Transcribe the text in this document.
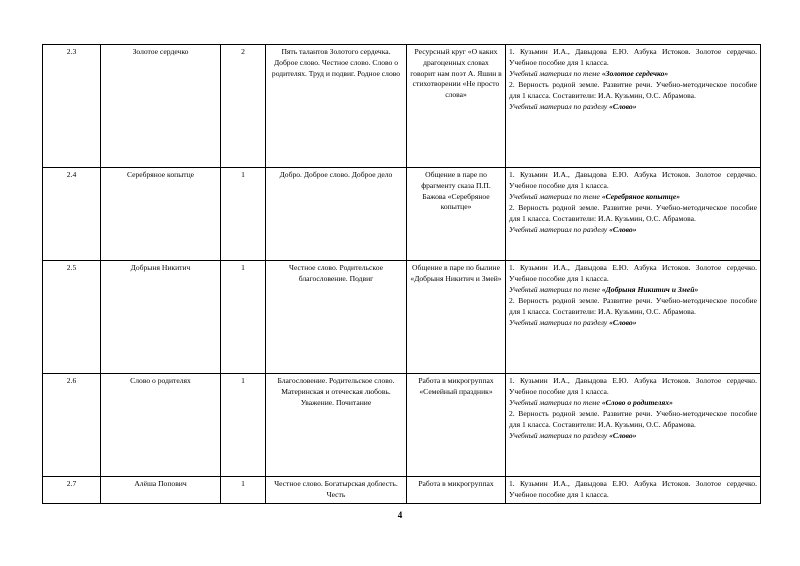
2.3	Золотое сердечко	2	Пять талантов Золотого сердечка. Доброе слово. Честное слово. Слово о родителях. Труд и подвиг. Родное слово	Ресурсный круг «О каких драгоценных словах говорит нам поэт А. Яшин в стихотворении «Не просто слова»	1. Кузьмин И.А., Давыдова Е.Ю. Азбука Истоков. Золотое сердечко. Учебное пособие для 1 класса.

Учебный материал по теме «Золотое сердечко»

2. Верность родной земле. Развитие речи. Учебно-методическое пособие для 1 класса. Составители: И.А. Кузьмин, О.С. Абрамова.

Учебный материал по разделу «Слово»

2.4	Серебряное копытце	1	Добро. Доброе слово. Доброе дело	Общение в паре по фрагменту сказа П.П. Бажова «Серебряное копытце»	1. Кузьмин И.А., Давыдова Е.Ю. Азбука Истоков. Золотое сердечко. Учебное пособие для 1 класса.

Учебный материал по теме «Серебряное копытце»

2. Верность родной земле. Развитие речи. Учебно-методическое пособие для 1 класса. Составители: И.А. Кузьмин, О.С. Абрамова.

Учебный материал по разделу «Слово»

2.5	Добрыня Никитич	1	Честное слово. Родительское благословение. Подвиг	Общение в паре по былине «Добрыня Никитич и Змей»	1. Кузьмин И.А., Давыдова Е.Ю. Азбука Истоков. Золотое сердечко. Учебное пособие для 1 класса.

Учебный материал по теме «Добрыня Никитич и Змей»

2. Верность родной земле. Развитие речи. Учебно-методическое пособие для 1 класса. Составители: И.А. Кузьмин, О.С. Абрамова.

Учебный материал по разделу «Слово»

2.6	Слово о родителях	1	Благословение. Родительское слово. Материнская и отеческая любовь. Уважение. Почитание	Работа в микрогруппах «Семейный праздник»	1. Кузьмин И.А., Давыдова Е.Ю. Азбука Истоков. Золотое сердечко. Учебное пособие для 1 класса.

Учебный материал по теме «Слово о родителях»

2. Верность родной земле. Развитие речи. Учебно-методическое пособие для 1 класса. Составители: И.А. Кузьмин, О.С. Абрамова.

Учебный материал по разделу «Слово»

2.7	Алёша Попович	1	Честное слово. Богатырская доблесть. Честь	Работа в микрогруппах	1. Кузьмин И.А., Давыдова Е.Ю. Азбука Истоков. Золотое сердечко. Учебное пособие для 1 класса.

4
